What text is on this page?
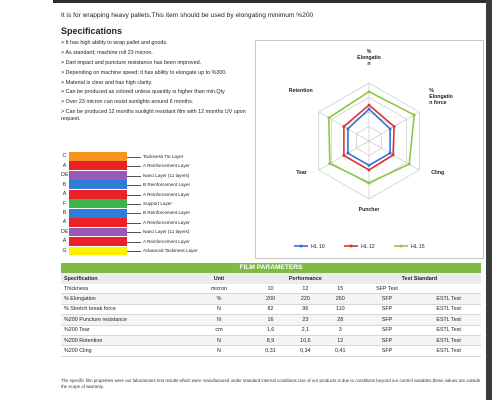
It is for wrapping heavy pallets.This item should be used by elongating minimum %200
Specifications
> It has high ability to wrap pallet and goods.
> As standard; machine roll 23 micron.
> Dart impact and puncture resistance has been improved.
> Depending on machine speed; it has ability to elongate up to %300.
> Material is clear and has high clarity.
> Can be produced as colored unless quantity is higher than min.Qty
> Over 23 micron can resist sunlights around 6 months.
> Can be produced 12 months sunlight resistant film with 12 months UV upon request.
% Elongatio n
% Elongatio n force
Cling
Puncher
Tear
Retention
HL 10	HL 12	HL 15
C	Tackiness Tie Layer
A	A Reinforcement Layer
DE	Nano Layer (11 layers)
B	B Reinforcement Layer
A	A Reinforcement Layer
F	Support Layer
B	B Reinforcement Layer
A	A Reinforcement Layer
DE	Nano Layer (11 layers)
A	A Reinforcement Layer
G	Advanced Tackiness Layer
FILM PARAMETERS
Specification	Unit	Performance			Test Standard	
Thickness	micron	10	12	15	SFP Test	
% Elongation	%	200	220	260	SFP	ESTL Test
% Stretch break force	N	82	96	110	SFP	ESTL Test
%200 Puncture resistance	N	16	23	28	SFP	ESTL Test
%200 Tear	cm	1,6	2,1	3	SFP	ESTL Test
%200 Retention	N	8,9	10,6	12	SFP	ESTL Test
%200 Cling	N	0,31	0,34	0,41	SFP	ESTL Test
The specific film properties were our laboratories test results which were manufactured under standard internal conditions.Use of our products is due to conditions beyond our control variables,these values are outside the scope of warranty.
